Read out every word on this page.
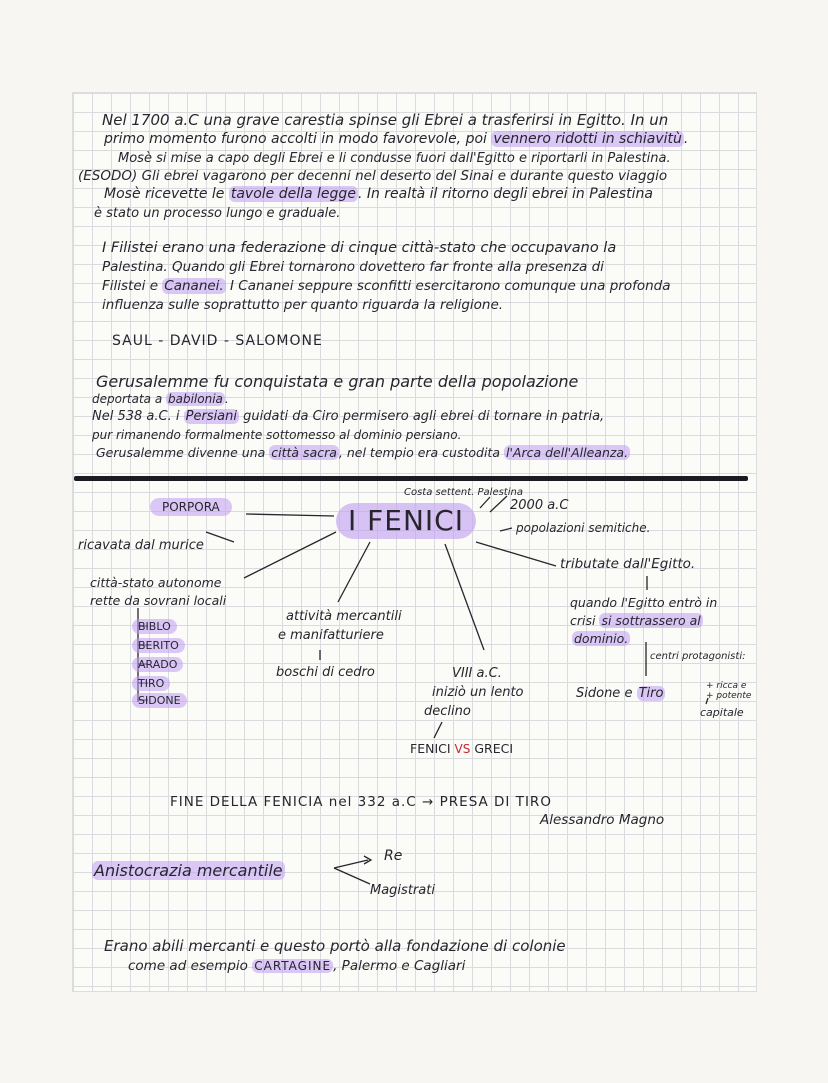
Nel 1700 a.C una grave carestia spinse gli Ebrei a trasferirsi in Egitto. In un
primo momento furono accolti in modo favorevole, poi vennero ridotti in schiavitù .
Mosè si mise a capo degli Ebrei e li condusse fuori dall'Egitto e riportarli in Palestina.
(ESODO) Gli ebrei vagarono per decenni nel deserto del Sinai e durante questo viaggio
Mosè ricevette le tavole della legge . In realtà il ritorno degli ebrei in Palestina
è stato un processo lungo e graduale.
I Filistei erano una federazione di cinque città-stato che occupavano la
Palestina. Quando gli Ebrei tornarono dovettero far fronte alla presenza di
Filistei e Cananei. I Cananei seppure sconfitti esercitarono comunque una profonda
influenza sulle soprattutto per quanto riguarda la religione.
SAUL - DAVID - SALOMONE
Gerusalemme fu conquistata e gran parte della popolazione
deportata a babilonia .
Nel 538 a.C. i Persiani guidati da Ciro permisero agli ebrei di tornare in patria,
pur rimanendo formalmente sottomesso al dominio persiano.
Gerusalemme divenne una città sacra , nel tempio era custodita l'Arca dell'Alleanza.
I FENICI
Costa settent. Palestina
2000 a.C
popolazioni semitiche.
PORPORA
ricavata dal murice
città-stato autonome
rette da sovrani locali
BIBLO
BERITO
ARADO
TIRO
SIDONE
attività mercantili
e manifatturiere
boschi di cedro	VIII a.C.
iniziò un lento
declino
FENICI VS GRECI
tributate dall'Egitto.
quando l'Egitto entrò in
crisi si sottrassero al
dominio.
centri protagonisti:
Sidone e Tiro	+ ricca e
+ potente
capitale
FINE DELLA FENICIA nel 332 a.C → PRESA DI TIRO
Alessandro Magno
Anistocrazia mercantile
Re
Magistrati
Erano abili mercanti e questo portò alla fondazione di colonie
come ad esempio CARTAGINE , Palermo e Cagliari
